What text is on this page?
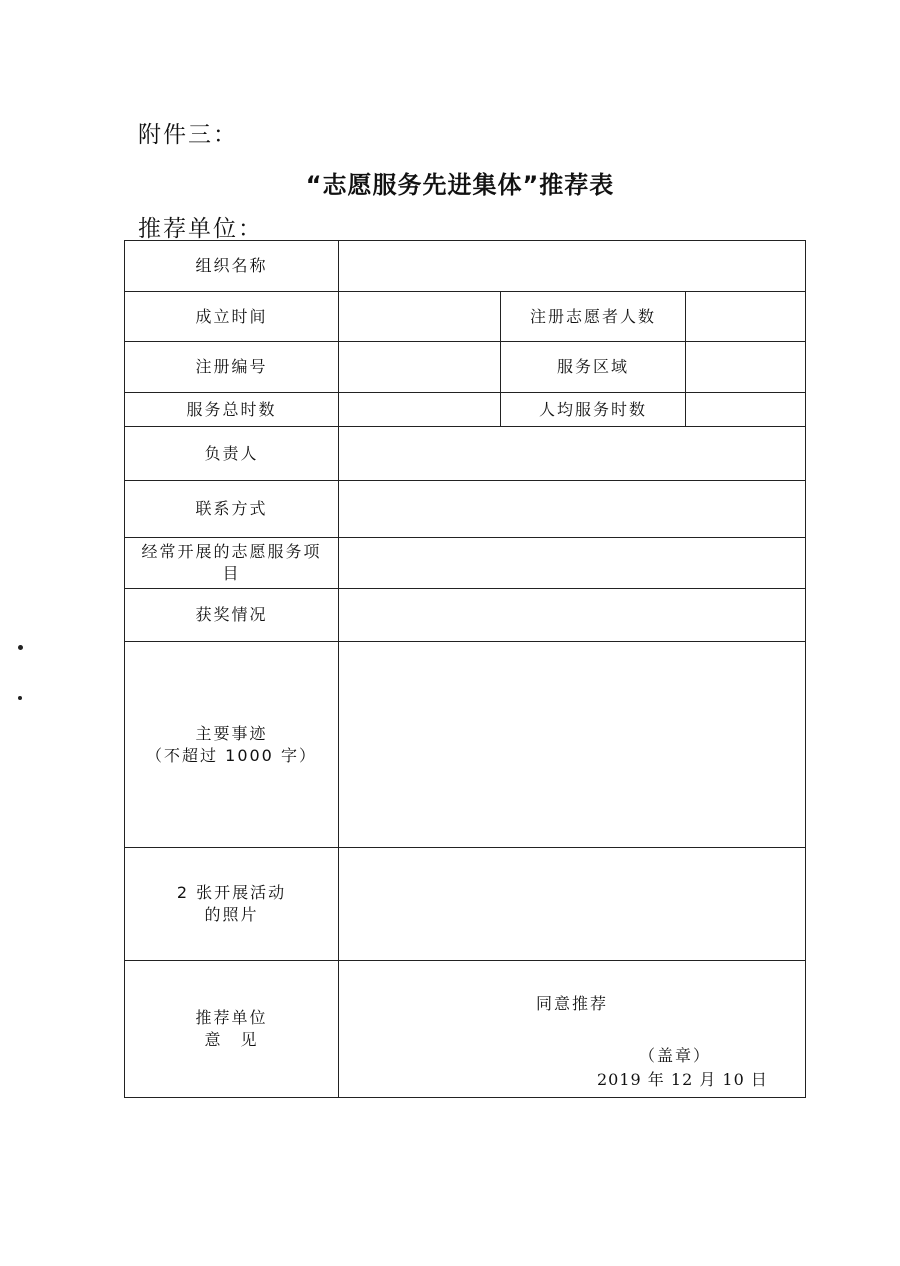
附件三：
“志愿服务先进集体”推荐表
推荐单位：
组织名称			
成立时间		注册志愿者人数	
注册编号		服务区域	
服务总时数		人均服务时数	
负责人			
联系方式			

经常开展的志愿服务项
目			

获奖情况			

主要事迹
（不超过 1000 字）			

2 张开展活动
的照片			

推荐单位
意　见	同意推荐
（盖章）
2019 年 12 月 10 日		
